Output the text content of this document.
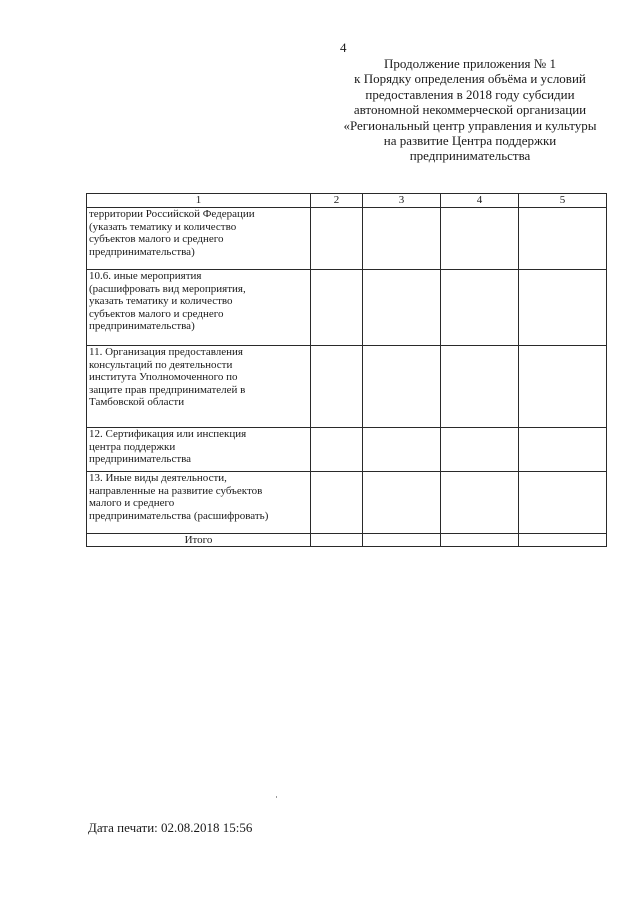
4
Продолжение приложения № 1
к Порядку определения объёма и условий
предоставления в 2018 году субсидии
автономной некоммерческой организации
«Региональный центр управления и культуры
на развитие Центра поддержки
предпринимательства
1	2	3	4	5

территории Российской Федерации
(указать тематику и количество
субъектов малого и среднего
предпринимательства)				

10.6. иные мероприятия
(расшифровать вид мероприятия,
указать тематику и количество
субъектов малого и среднего
предпринимательства)				

11. Организация предоставления
консультаций по деятельности
института Уполномоченного по
защите прав предпринимателей в
Тамбовской области				

12. Сертификация или инспекция
центра поддержки
предпринимательства				

13. Иные виды деятельности,
направленные на развитие субъектов
малого и среднего
предпринимательства (расшифровать)				

Итого				
Дата печати: 02.08.2018 15:56
